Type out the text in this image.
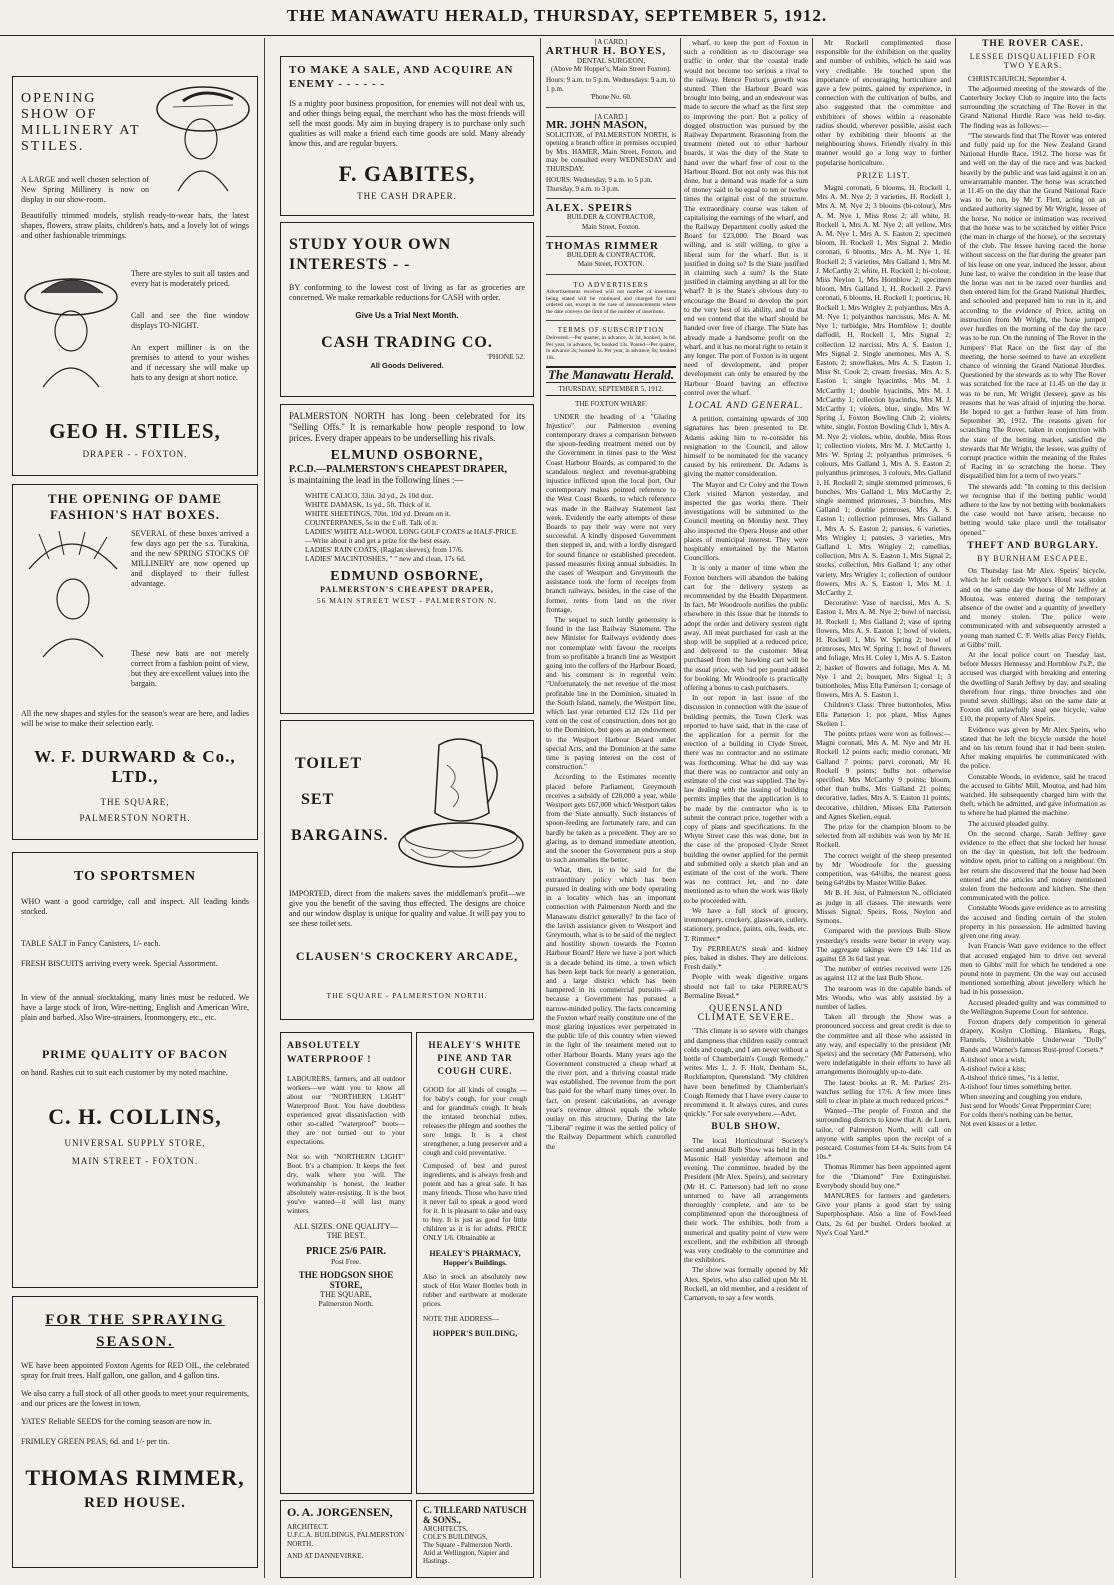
THE MANAWATU HERALD, THURSDAY, SEPTEMBER 5, 1912.
OPENING SHOW OF MILLINERY AT STILES.
A LARGE and well chosen selection of New Spring Millinery is now on display in our show-room.
Beautifully trimmed models, stylish ready-to-wear hats, the latest shapes, flowers, straw plaits, children's hats, and a lovely lot of wings and other fashionable trimmings.
There are styles to suit all tastes and every hat is moderately priced.
Call and see the fine window displays TO-NIGHT.
An expert milliner is on the premises to attend to your wishes and if necessary she will make up hats to any design at short notice.
GEO H. STILES,
DRAPER - - FOXTON.
THE OPENING OF DAME FASHION'S HAT BOXES.
SEVERAL of these boxes arrived a few days ago per the s.s. Turakina, and the new SPRING STOCKS OF MILLINERY are now opened up and displayed to their fullest advantage.
These new hats are not merely correct from a fashion point of view, but they are excellent values into the bargain.
All the new shapes and styles for the season's wear are here, and ladies will be wise to make their selection early.
W. F. DURWARD & Co., LTD.,
THE SQUARE,
PALMERSTON NORTH.
TO SPORTSMEN
WHO want a good cartridge, call and inspect. All leading kinds stocked.
TABLE SALT in Fancy Canisters, 1/- each.
FRESH BISCUITS arriving every week. Special Assortment.
In view of the annual stocktaking, many lines must be reduced. We have a large stock of Iron, Wire-netting, English and American Wire, plain and barbed. Also Wire-strainers, Ironmongery, etc., etc.
PRIME QUALITY OF BACON
on hand. Rashes cut to suit each customer by my noted machine.
C. H. COLLINS,
UNIVERSAL SUPPLY STORE,
MAIN STREET - FOXTON.
FOR THE SPRAYING SEASON.
WE have been appointed Foxton Agents for RED OIL, the celebrated spray for fruit trees. Half gallon, one gallon, and 4 gallon tins.
We also carry a full stock of all other goods to meet your requirements, and our prices are the lowest in town.
YATES' Reliable SEEDS for the coming season are now in.
FRIMLEY GREEN PEAS, 6d. and 1/- per tin.
THOMAS RIMMER,
RED HOUSE.
TO MAKE A SALE, AND ACQUIRE AN ENEMY - - - - - -
IS a mighty poor business proposition, for enemies will not deal with us, and other things being equal, the merchant who has the most friends will sell the most goods. My aim in buying drapery is to purchase only such qualities as will make a friend each time goods are sold. Many already know this, and are regular buyers.
F. GABITES,
THE CASH DRAPER.
STUDY YOUR OWN INTERESTS - -
BY conforming to the lowest cost of living as far as groceries are concerned. We make remarkable reductions for CASH with order.
Give Us a Trial Next Month.
CASH TRADING CO.
'PHONE 52.
All Goods Delivered.
PALMERSTON NORTH has long been celebrated for its "Selling Offs." It is remarkable how people respond to low prices. Every draper appears to be underselling his rivals.
ELMUND OSBORNE,
P.C.D.—PALMERSTON'S CHEAPEST DRAPER,
is maintaining the lead in the following lines :—
WHITE CALICO, 33in. 3d yd., 2s 10d doz.
WHITE DAMASK, 1s yd., 5ft. Thick of it.
WHITE SHEETINGS, 70in. 10d yd. Dream on it.
COUNTERPANES, 5s in the £ off. Talk of it.
LADIES' WHITE ALL-WOOL LONG GOLF COATS at HALF-PRICE.—Write about it and get a prize for the best essay.
LADIES' RAIN COATS, (Raglan sleeves), from 17/6.
LADIES' MACINTOSHES, " " new and clean, 17s 6d.
EDMUND OSBORNE,
PALMERSTON'S CHEAPEST DRAPER,
56 MAIN STREET WEST - PALMERSTON N.
TOILET
SET
BARGAINS.
IMPORTED, direct from the makers saves the middleman's profit—we give you the benefit of the saving thus effected. The designs are choice and our window display is unique for quality and value. It will pay you to see these toilet sets.
CLAUSEN'S CROCKERY ARCADE,
THE SQUARE - PALMERSTON NORTH.
ABSOLUTELY WATERPROOF !
LABOURERS, farmers, and all outdoor workers—we want you to know all about our "NORTHERN LIGHT" Waterproof Boot. You have doubtless experienced great dissatisfaction with other so-called "waterproof" boots—they are not turned out to your expectations.
Not so with "NORTHERN LIGHT" Boot. It's a champion. It keeps the feet dry, walk where you will. The workmanship is honest, the leather absolutely water-resisting. It is the boot you've wanted—it will last many winters.
ALL SIZES. ONE QUALITY—THE BEST.
PRICE 25/6 PAIR.
Post Free.
THE HODGSON SHOE STORE,
THE SQUARE,
Palmerston North.
HEALEY'S WHITE PINE AND TAR COUGH CURE.
GOOD for all kinds of coughs — for baby's cough, for your cough and for grandma's cough. It heals the irritated bronchial tubes, releases the phlegm and soothes the sore lungs. It is a chest strengthener, a lung preserver and a cough and cold preventative.
Composed of best and purest ingredients, and is always fresh and potent and has a great sale. It has many friends. Those who have tried it never fail to speak a good word for it. It is pleasant to take and easy to buy. It is just as good for little children as it is for adults. PRICE ONLY 1/6. Obtainable at
HEALEY'S PHARMACY,
Hopper's Buildings.
Also in stock an absolutely new stock of Hot Water Bottles both in rubber and earthware at moderate prices.
NOTE THE ADDRESS—
HOPPER'S BUILDING,
O. A. JORGENSEN,
ARCHITECT.
U.F.C.A. BUILDINGS, PALMERSTON NORTH.
AND AT DANNEVIRKE.
C. TILLEARD NATUSCH & SONS.,
ARCHITECTS,
COLE'S BUILDINGS,
The Square - Palmerston North.
And at Wellington, Napier and Hastings.
[A CARD.]
ARTHUR H. BOYES,
DENTAL SURGEON,
(Above Mr Hopper's, Main Street Foxton).
Hours: 9 a.m. to 5 p.m. Wednesdays: 9 a.m. to 1 p.m.
'Phone No. 60.
[A CARD.]
MR. JOHN MASON,
SOLICITOR, of PALMERSTON NORTH, is opening a branch office in premises occupied by Mrs. HAMER, Main Street, Foxton, and may be consulted every WEDNESDAY and THURSDAY.
HOURS: Wednesday, 9 a.m. to 5 p.m. Thursday, 9 a.m. to 3 p.m.
ALEX. SPEIRS
BUILDER & CONTRACTOR,
Main Street, Foxton.
THOMAS RIMMER
BUILDER & CONTRACTOR,
Main Street, FOXTON.
TO ADVERTISERS
Advertisements received will not number of insertions being stated will be continued and charged for until ordered out, except in the case of announcements where the date conveys the limit of the number of insertions.
TERMS OF SUBSCRIPTION
Delivered.—Per quarter, in advance, 2s 3d, booked, 3s 6d. Per year, in advance, 9s; booked 13s. Posted—Per quarter, in advance 2s; booked 3s. Per year, in advance, 8s; booked 10s.
The Manawatu Herald.
THURSDAY, SEPTEMBER 5, 1912.
THE FOXTON WHARF.

UNDER the heading of a "Glaring Injustice" our Palmerston evening contemporary draws a comparison between the spoon-feeding treatment meted out by the Government in times past to the West Coast Harbour Boards, as compared to the scandalous neglect and revenue-grabbing injustice inflicted upon the local port. Our contemporary makes pointed reference to the West Coast Boards, to which reference was made in the Railway Statement last week. Evidently the early attempts of these Boards to pay their way were not very successful. A kindly disposed Government then stepped in, and, with a lordly disregard for sound finance or established precedent, passed measures fixing annual subsidies. In the cases of Westport and Greymouth the assistance took the form of receipts from branch railways, besides, in the case of the former, rents from land on the river frontage.

The sequel to such lordly generosity is found in the last Railway Statement. The new Minister for Railways evidently does not contemplate with favour the receipts from so profitable a branch line as Westport going into the coffers of the Harbour Board, and his comment is in regretful vein: "Unfortunately the net revenue of the most profitable line in the Dominion, situated in the South Island, namely, the Westport line, which last year returned £12 12s 11d per cent on the cost of construction, does not go to the Dominion, but goes as an endowment to the Westport Harbour Board under special Acts, and the Dominion at the same time is paying interest on the cost of construction."

According to the Estimates recently placed before Parliament, Greymouth receives a subsidy of £20,000 a year, while Westport gets £67,000 which Westport takes from the State annually. Such instances of spoon-feeding are fortunately rare, and can hardly be taken as a precedent. They are so glaring, as to demand immediate attention, and the sooner the Government puts a stop to such anomalies the better.

What, then, is to be said for the extraordinary policy which has been pursued in dealing with one body operating in a locality which has an important connection with Palmerston North and the Manawatu district generally? In the face of the lavish assistance given to Westport and Greymouth, what is to be said of the neglect and hostility shown towards the Foxton Harbour Board? Here we have a port which is a decade behind its time, a town which has been kept back for nearly a generation, and a large district which has been hampered in its commercial pursuits—all because a Government has pursued a narrow-minded policy. The facts concerning the Foxton wharf really constitute one of the most glaring injustices ever perpetrated in the public life of this country when viewed in the light of the treatment meted out to other Harbour Boards. Many years ago the Government constructed a cheap wharf at the river port, and a thriving coastal trade was established. The revenue from the port has paid for the wharf many times over. In fact, on present calculations, an average year's revenue almost equals the whole outlay on this structure. During the late "Liberal" regime it was the settled policy of the Railway Department which controlled the

wharf, to keep the port of Foxton in such a condition as to discourage sea traffic in order that the coastal trade would not become too serious a rival to the railway. Hence Foxton's growth was stunted. Then the Harbour Board was brought into being, and an endeavour was made to secure the wharf as the first step to improving the port. But a policy of dogged obstruction was pursued by the Railway Department. Reasoning from the treatment meted out to other harbour boards, it was the duty of the State to hand over the wharf free of cost to the Harbour Board. But not only was this not done, but a demand was made for a sum of money said to be equal to ten or twelve times the original cost of the structure. The extraordinary course was taken of capitalising the earnings of the wharf, and the Railway Department coolly asked the Board for £23,000. The Board was willing, and is still willing, to give a liberal sum for the wharf. But is it justified in doing so? Is the State justified in claiming such a sum? Is the State justified in claiming anything at all for the wharf? It is the State's obvious duty to encourage the Board to develop the port to the very best of its ability, and to that end we contend that the wharf should be handed over free of charge. The State has already made a handsome profit on the wharf, and it has no moral right to retain it any longer. The port of Foxton is in urgent need of development, and proper development can only be ensured by the Harbour Board having an effective control over the wharf.

LOCAL AND GENERAL.

A petition, containing upwards of 300 signatures has been presented to Dr. Adams asking him to re-consider his resignation to the Council, and allow himself to be nominated for the vacancy caused by his retirement. Dr. Adams is giving the matter consideration.

The Mayor and Cr Coley and the Town Clerk visited Marton yesterday, and inspected the gas works there. Their investigations will be submitted to the Council meeting on Monday next. They also inspected the Opera House and other places of municipal interest. They were hospitably entertained by the Marton Councillors.

It is only a matter of time when the Foxton butchers will abandon the baking cart for the delivery system as recommended by the Health Department. In fact, Mr Woodroofe notifies the public elsewhere in this issue that he intends to adopt the order and delivery system right away. All meat purchased for cash at the shop will be supplied at a reduced price, and delivered to the customer. Meat purchased from the hawking cart will be the usual price, with ¼d per pound added for booking. Mr Woodroofe is practically offering a bonus to cash purchasers.

In our report in last issue of the discussion in connection with the issue of building permits, the Town Clerk was reported to have said, that in the case of the application for a permit for the erection of a building in Clyde Street, there was no contractor and no estimate was forthcoming. What he did say was that there was no contractor and only an estimate of the cost was supplied. The by-law dealing with the issuing of building permits implies that the application is to be made by the contractor who is to submit the contract price, together with a copy of plans and specifications. In the Whyte Street case this was done, but in the case of the proposed Clyde Street building the owner applied for the permit and submitted only a sketch plan and an estimate of the cost of the work. There was no contract let, and no date mentioned as to when the work was likely to be proceeded with.

We have a full stock of grocery, ironmongery, crockery, glassware, cutlery, stationery, produce, paints, oils, leads, etc. T. Rimmer.*

Try PERREAU'S steak and kidney pies, baked in dishes. They are delicious. Fresh daily.*

People with weak digestive organs should not fail to take PERREAU'S Bermaline Bread.*

QUEENSLAND CLIMATE SEVERE.

"This climate is so severe with changes and dampness that children easily contract colds and cough, and I am never without a bottle of Chamberlain's Cough Remedy," writes Mrs L. J. F. Holt, Denham St., Rockhampton, Queensland. "My children have been benefitted by Chamberlain's Cough Remedy that I have every cause to recommend it. It always cures, and cures quickly." For sale everywhere.—Advt.

BULB SHOW.

The local Horticultural Society's second annual Bulb Show was held in the Masonic Hall yesterday afternoon and evening. The committee, headed by the President (Mr Alex. Speirs), and secretary (Mr H. C. Patterson) had left no stone unturned to have all arrangements thoroughly complete, and are to be complimented upon the thoroughness of their work. The exhibits, both from a numerical and quality point of view were excellent, and the exhibition all through was very creditable to the committee and the exhibitors.

The show was formally opened by Mr Alex. Speirs, who also called upon Mr H. Rockell, an old member, and a resident of Carnarvon, to say a few words.

Mr Rockell complimented those responsible for the exhibition on the quality and number of exhibits, which he said was very creditable. He touched upon the importance of encouraging horticulture and gave a few points, gained by experience, in connection with the cultivation of bulbs, and also suggested that the committee and exhibitors of shows within a reasonable radius should, wherever possible, assist each other by exhibiting their blooms at the neighbouring shows. Friendly rivalry in this manner would go a long way to further popularise horticulture.

PRIZE LIST.

Magni coronati, 6 blooms, H. Rockell 1, Mrs A. M. Nye 2; 3 varieties, H. Rockell 1, Mrs A. M. Nye 2; 3 blooms (bi-colour), Mrs A. M. Nye 1, Miss Ross 2; all white, H. Rockell 1, Mrs A. M. Nye 2; all yellow, Mrs A. M. Nye 1, Mrs A. S. Easton 2; specimen bloom, H. Rockell 1, Mrs Signal 2. Medio coronati, 6 blooms, Mrs A. M. Nye 1, H. Rockell 2; 3 varieties, Mrs Galland 1, Mrs M. J. McCarthy 2; white, H. Rockell 1; bi-colour, Miss Neylon 1, Mrs Hornblow 2; specimen bloom, Mrs Galland 1, H. Rockell 2. Parvi coronati, 6 blooms, H. Rockell 1; poeticus, H. Rockell 1, Mrs Wrigley 2; polyanthus, Mrs A. M. Nye 1; polyanthus narcissus, Mrs A. M. Nye 1; turbidgie, Mrs Hornblow 1; double daffodil, H. Rockell 1, Mrs Signal 2; collection 12 narcissi, Mrs A. S. Easton 1, Mrs Signal 2. Single anemones, Mrs A. S. Easton, 2; snowflakes, Mrs A. S. Easton 1, Miss St. Cook 2; cream freesias, Mrs A. S. Easton 1; single hyacinths, Mrs M. J. McCarthy 1; double hyacinths, Mrs M. J. McCarthy 1; collection hyacinths, Mrs M. J. McCarthy 1; violets, blue, single, Mrs W. Spring 1, Foxton Bowling Club 2; violets, white, single, Foxton Bowling Club 1, Mrs A. M. Nye 2; violets, white, double, Miss Ross 1; collection violets, Mrs M. J. McCarthy 1, Mrs W. Spring 2; polyanthus primroses, 6 colours, Mrs Galland 1, Mrs A. S. Easton 2; polyanthus primroses, 3 colours, Mrs Galland 1, H. Rockell 2; single stemmed primroses, 6 bunches, Mrs Galland 1, Mrs McCarthy 2; single stemmed primroses, 3 bunches, Mrs Galland 1; double primroses, Mrs A. S. Easton 1; collection primroses, Mrs Galland 1, Mrs A. S. Easton 2; pansies, 6 varieties, Mrs Wrigley 1; pansies, 3 varieties, Mrs Galland 1, Mrs Wrigley 2; camellias, collection, Mrs A. S. Easton 1, Mrs Signal 2; stocks, collection, Mrs Galland 1; any other variety, Mrs Wrigley 1; collection of outdoor flowers, Mrs A. S. Easton 1, Mrs M. J. McCarthy 2.

Decorative: Vase of narcissi, Mrs A. S. Easton 1, Mrs A. M. Nye 2; bowl of narcissi, H. Rockell 1, Mrs Galland 2; vase of spring flowers, Mrs A. S. Easton 1; bowl of violets, H. Rockell 1, Mrs W. Spring 2; bowl of primroses, Mrs W. Spring 1; bowl of flowers and foliage, Mrs H. Coley 1, Mrs A. S. Easton 2; basket of flowers and foliage, Mrs A. M. Nye 1 and 2; bouquet, Mrs Signal 1; 3 buttonholes, Miss Ella Patterson 1; corsage of flowers, Mrs A. S. Easton 1.

Children's Class: Three buttonholes, Miss Ella Patterson 1; pot plant, Miss Agnes Skelien 1.

The points prizes were won as follows:—Magni coronati, Mrs A. M. Nye and Mr H. Rockell 12 points each; medio coronati, Mr Galland 7 points; parvi coronati, Mr H. Rockell 9 points; bulbs not otherwise specified, Mrs McCarthy 9 points; bloom, other than bulbs, Mrs Galland 21 points; decorative, ladies, Mrs A. S. Easton 11 points; decorative, children, Misses Ella Patterson and Agnes Skelien, equal.

The prize for the champion bloom to be selected from all exhibits was won by Mr H. Rockell.

The correct weight of the sheep presented by Mr Woodroofe for the guessing competition, was 64¼lbs, the nearest guess being 64½lbs by Master Willie Baker.

Mr B. H. Just, of Palmerston N., officiated as judge in all classes. The stewards were Misses Signal, Speirs, Ross, Neylon and Symons.

Compared with the previous Bulb Show yesterday's results were better in every way. The aggregate takings were £9 14s 11d as against £8 3s 6d last year.

The number of entries received were 126 as against 112 at the last Bulb Show.

The tearoom was in the capable hands of Mrs Woods, who was ably assisted by a number of ladies.

Taken all through the Show was a pronounced success and great credit is due to the committee and all those who assisted in any way, and especially to the president (Mr Speirs) and the secretary (Mr Patterson), who were indefatigable in their efforts to have all arrangements thoroughly up-to-date.

The latest books at R. M. Parkes' 2½- watches selling for 17/6. A few more lines still to clear in plate at much reduced prices.*

Wanted—The people of Foxton and the surrounding districts to know that A. de Luen, tailor, of Palmerston North, will call on anyone with samples upon the receipt of a postcard. Costumes from £4 4s. Suits from £4 10s.*

Thomas Rimmer has been appointed agent for the "Diamond" Fire Extinguisher. Everybody should buy one.*

MANURES for farmers and gardeners. Give your plants a good start by using Superphosphate. Also a line of Fowl-feed Oats, 2s 6d per bushel. Orders booked at Nye's Coal Yard.*

THE ROVER CASE.
LESSEE DISQUALIFIED FOR TWO YEARS.

CHRISTCHURCH, September 4.

The adjourned meeting of the stewards of the Canterbury Jockey Club to inquire into the facts surrounding the scratching of The Rover in the Grand National Hurdle Race was held to-day. The finding was as follows:—

"The stewards find that The Rover was entered and fully paid up for the New Zealand Grand National Hurdle Race, 1912. The horse was fit and well on the day of the race and was backed heavily by the public and was laid against it on an unwarrantable manner. The horse was scratched at 11.45 on the day that the Grand National Race was to be run, by Mr T. Flett, acting on an undated authority signed by Mr Wright, lessee of the horse. No notice or intimation was received that the horse was to be scratched by either Price (the man in charge of the horse), or the secretary of the club. The lessee having raced the horse without success on the flat during the greater part of his lease on one year, induced the lessor, about June last, to waive the condition in the lease that the horse was not to be raced over hurdles and then entered him for the Grand National Hurdles, and schooled and prepared him to run in it, and according to the evidence of Price, acting on instruction from Mr Wright, the horse jumped over hurdles on the morning of the day the race was to be run. On the running of The Rover in the Jumpers' Flat Race on the first day of the meeting, the horse seemed to have an excellent chance of winning the Grand National Hurdles. Questioned by the stewards as to why The Rover was scratched for the race at 11.45 on the day it was to be run, Mr Wright (lessee), gave as his reasons that he was afraid of injuring the horse. He hoped to get a further lease of him from September 30, 1912. The reasons given for scratching The Rover, taken in conjunction with the state of the betting market, satisfied the stewards that Mr Wright, the lessee, was guilty of corrupt practice within the meaning of the Rules of Racing in so scratching the horse. They disqualified him for a term of two years."

The stewards add: "In coming to this decision we recognise that if the betting public would adhere to the law by not betting with bookmakers the case would not have arisen, because no betting would take place until the totalisator opened."

THEFT AND BURGLARY.
BY BURNHAM ESCAPEE.

On Thursday last Mr Alex. Speirs' bicycle, which he left outside Whyte's Hotel was stolen and on the same day the house of Mr Jeffrey at Moutoa, was entered during the temporary absence of the owner and a quantity of jewellery and money stolen. The police were communicated with and subsequently arrested a young man named C. F. Wells alias Percy Fields, at Gibbs' mill.

At the local police court on Tuesday last, before Messrs Hennessy and Hornblow J's.P., the accused was charged with breaking and entering the dwelling of Sarah Jeffrey by day, and stealing therefrom four rings, three brooches and one pound seven shillings; also on the same date at Foxton did unlawfully steal one bicycle, value £10, the property of Alex Speirs.

Evidence was given by Mr Alex Speirs, who stated that he left the bicycle outside the hotel and on his return found that it had been stolen. After making enquiries he communicated with the police.

Constable Woods, in evidence, said he traced the accused to Gibbs' Mill, Moutoa, and had him watched. He subsequently charged him with the theft, which he admitted, and gave information as to where he had planted the machine.

The accused pleaded guilty.

On the second charge, Sarah Jeffrey gave evidence to the effect that she locked her house on the day in question, but left the bedroom window open, prior to calling on a neighbour. On her return she discovered that the house had been entered and the articles and money mentioned stolen from the bedroom and kitchen. She then communicated with the police.

Constable Woods gave evidence as to arresting the accused and finding certain of the stolen property in his possession. He admitted having given one ring away.

Ivan Francis Watt gave evidence to the effect that accused engaged him to drive out several men to Gibbs' mill for which he tendered a one pound note in payment. On the way out accused mentioned something about jewellery which he had in his possession.

Accused pleaded guilty and was committed to the Wellington Supreme Court for sentence.

Foxton drapers defy competition in general drapery, Koslyn Clothing, Blankets, Rugs, Flannels, Unshrinkable Underwear "Dolly" Bands and Warner's famous Rust-proof Corsets.*

A-tishoo! once a wish,
A-tishoo! twice a kiss;
A-tishoo! thrice times, "is a letter,
A-tishoo! four times something better.
When sneezing and coughing you endure,
Just send for Woods' Great Peppermint Cure;
For colds there's nothing can be better,
Not even kisses or a letter.
